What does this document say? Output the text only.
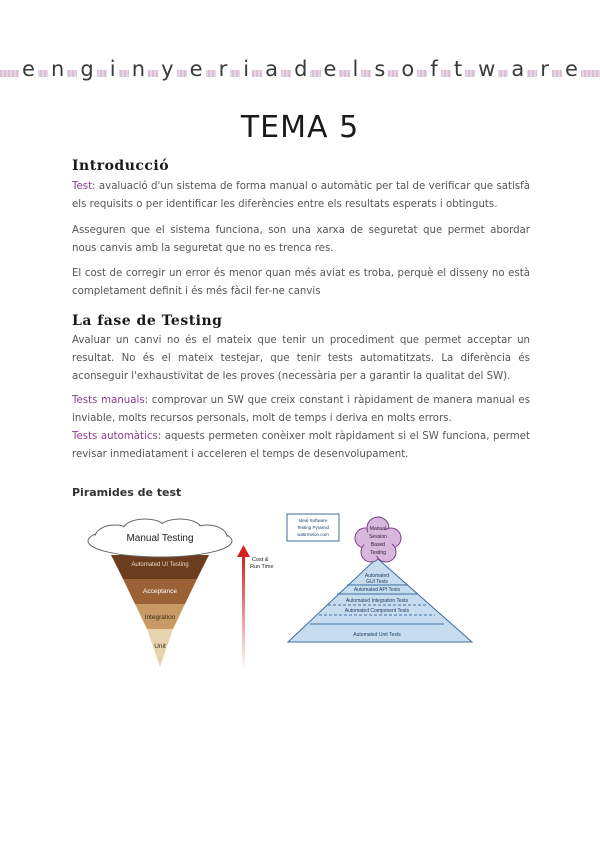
e n g i n y e r i a d e l s o f t w a r e
TEMA 5
Introducció
Test: avaluació d'un sistema de forma manual o automàtic per tal de verificar que satisfà els requisits o per identificar les diferències entre els resultats esperats i obtinguts.
Asseguren que el sistema funciona, son una xarxa de seguretat que permet abordar nous canvis amb la seguretat que no es trenca res.
El cost de corregir un error és menor quan més aviat es troba, perquè el disseny no està completament definit i és més fàcil fer-ne canvis
La fase de Testing
Avaluar un canvi no és el mateix que tenir un procediment que permet acceptar un resultat. No és el mateix testejar, que tenir tests automatitzats. La diferència és aconseguir l'exhaustivitat de les proves (necessària per a garantir la qualitat del SW).
Tests manuals: comprovar un SW que creix constant i ràpidament de manera manual es inviable, molts recursos personals, molt de temps i deriva en molts errors.
Tests automàtics: aquests permeten conèixer molt ràpidament si el SW funciona, permet revisar inmediatament i acceleren el temps de desenvolupament.
Piramides de test
Manual Testing
Automated UI Testing
Acceptance
Integration
Unit
Cost &
Run Time
Ideal Software
Testing Pyramid
watirmelon.com
Manual
Session
Based
Testing
Automated
GUI Tests
Automated API Tests
Automated Integration Tests
Automated Component Tests
Automated Unit Tests
